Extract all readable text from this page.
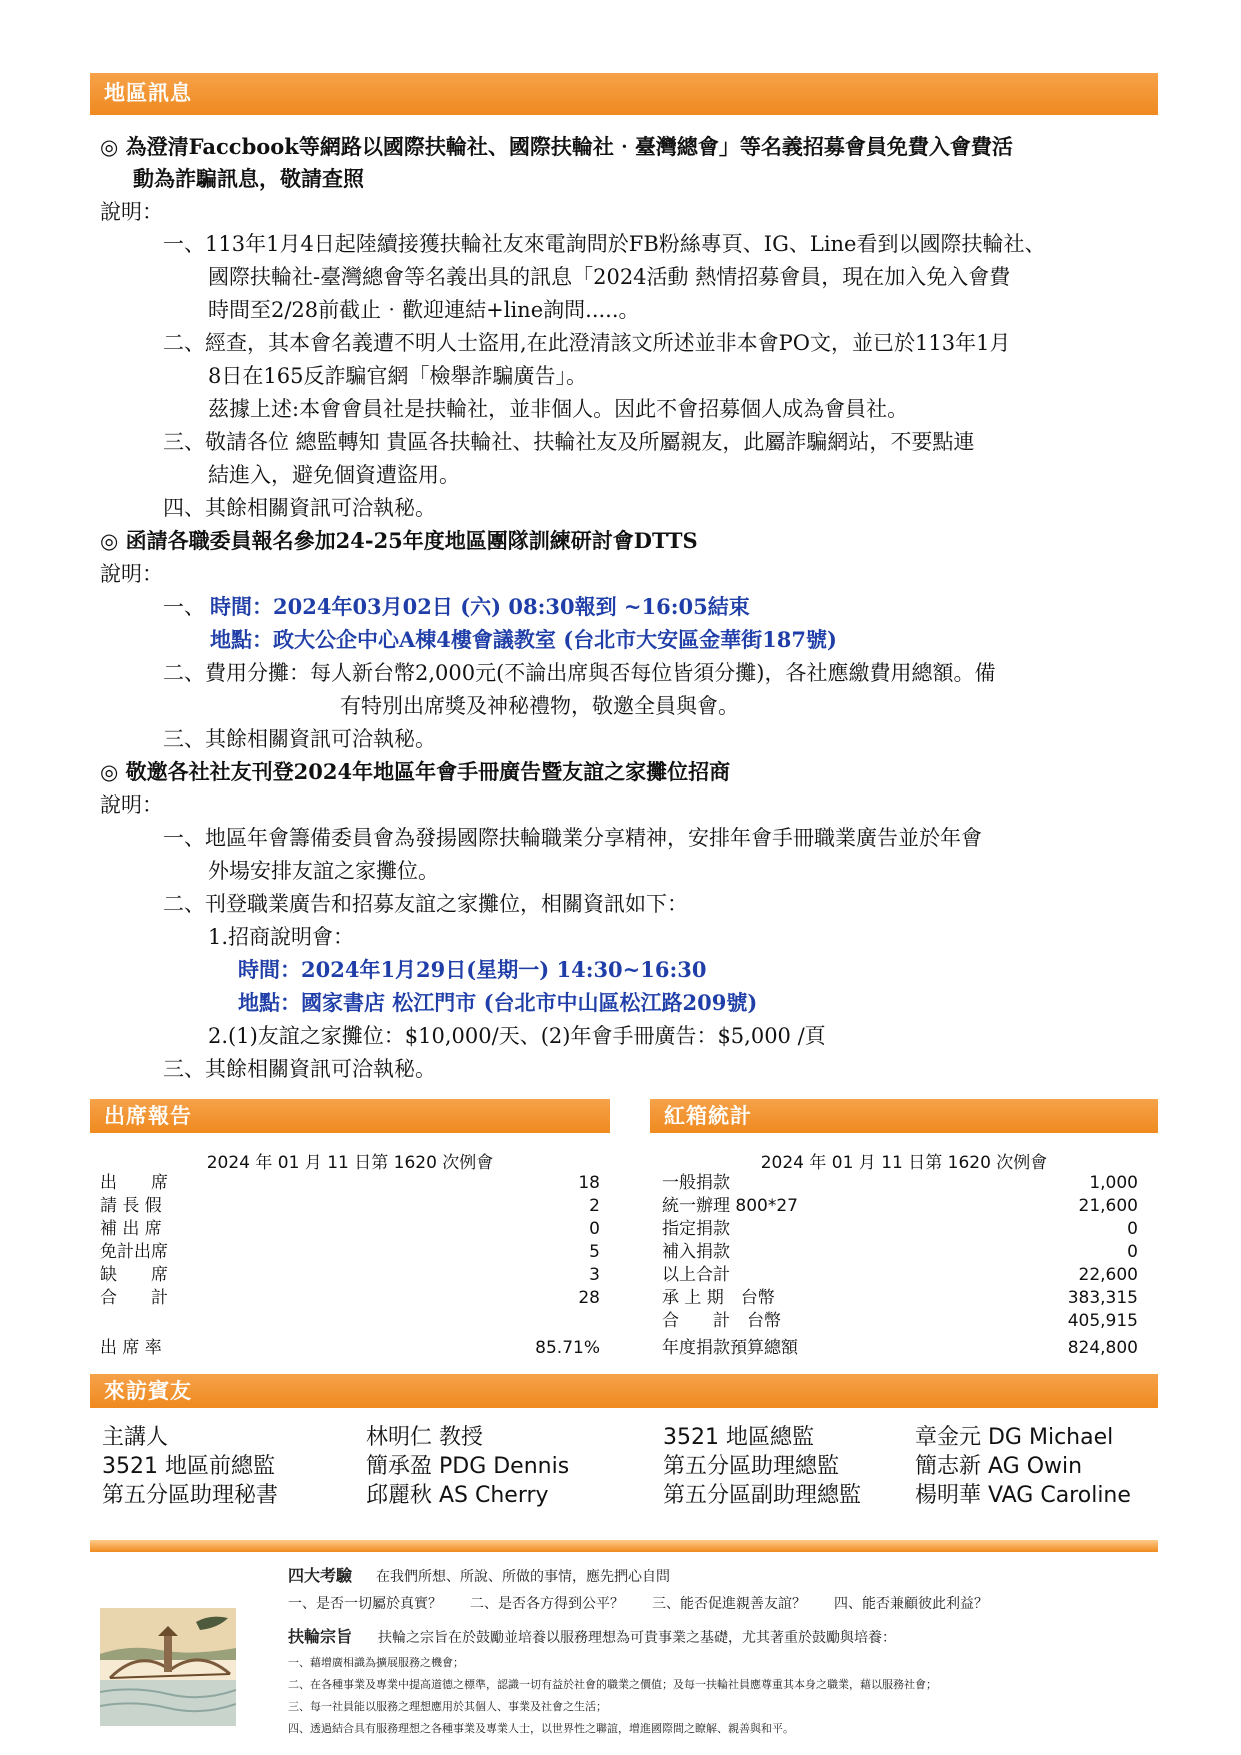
地區訊息
◎ 為澄清Faccbook等網路以國際扶輪社、國際扶輪社‧臺灣總會」等名義招募會員免費入會費活
動為詐騙訊息，敬請查照
說明：
一、113年1月4日起陸續接獲扶輪社友來電詢問於FB粉絲專頁、IG、Line看到以國際扶輪社、
國際扶輪社-臺灣總會等名義出具的訊息「2024活動 熱情招募會員，現在加入免入會費
時間至2/28前截止‧歡迎連結+line詢問.....。
二、經查，其本會名義遭不明人士盜用,在此澄清該文所述並非本會PO文，並已於113年1月
8日在165反詐騙官網「檢舉詐騙廣告」。
茲據上述:本會會員社是扶輪社，並非個人。因此不會招募個人成為會員社。
三、敬請各位 總監轉知 貴區各扶輪社、扶輪社友及所屬親友，此屬詐騙網站，不要點連
結進入，避免個資遭盜用。
四、其餘相關資訊可洽執秘。
◎ 函請各職委員報名參加24-25年度地區團隊訓練研討會DTTS
說明：
一、 時間：2024年03月02日 (六) 08:30報到 ~16:05結束
地點：政大公企中心A棟4樓會議教室 (台北市大安區金華街187號)
二、費用分攤：每人新台幣2,000元(不論出席與否每位皆須分攤)，各社應繳費用總額。備
有特別出席獎及神秘禮物，敬邀全員與會。
三、其餘相關資訊可洽執秘。
◎ 敬邀各社社友刊登2024年地區年會手冊廣告暨友誼之家攤位招商
說明：
一、地區年會籌備委員會為發揚國際扶輪職業分享精神，安排年會手冊職業廣告並於年會
外場安排友誼之家攤位。
二、刊登職業廣告和招募友誼之家攤位，相關資訊如下：
1.招商說明會：
時間：2024年1月29日(星期一) 14:30~16:30
地點：國家書店 松江門市 (台北市中山區松江路209號)
2.(1)友誼之家攤位：$10,000/天、(2)年會手冊廣告：$5,000 /頁
三、其餘相關資訊可洽執秘。
出席報告	紅箱統計
2024 年 01 月 11 日第 1620 次例會
出　　席	18
請 長 假	2
補 出 席	0
免計出席	5
缺　　席	3
合　　計	28
出 席 率	85.71%
2024 年 01 月 11 日第 1620 次例會
一般捐款	1,000
統一辦理 800*27	21,600
指定捐款	0
補入捐款	0
以上合計	22,600
承 上 期　台幣	383,315
合　　計　台幣	405,915
年度捐款預算總額	824,800
來訪賓友
主講人	林明仁 教授	3521 地區總監	章金元 DG Michael
3521 地區前總監	簡承盈 PDG Dennis	第五分區助理總監	簡志新 AG Owin
第五分區助理秘書	邱麗秋 AS Cherry	第五分區副助理總監 楊明華 VAG Caroline
四大考驗 在我們所想、所說、所做的事情，應先捫心自問
一、是否一切屬於真實？　　二、是否各方得到公平？　　三、能否促進親善友誼？　　四、能否兼顧彼此利益？
扶輪宗旨 扶輪之宗旨在於鼓勵並培養以服務理想為可貴事業之基礎，尤其著重於鼓勵與培養：
一、藉增廣相識為擴展服務之機會；
二、在各種事業及專業中提高道德之標準，認識一切有益於社會的職業之價值；及每一扶輪社員應尊重其本身之職業，藉以服務社會；
三、每一社員能以服務之理想應用於其個人、事業及社會之生活；
四、透過結合具有服務理想之各種事業及專業人士，以世界性之聯誼，增進國際間之瞭解、親善與和平。
